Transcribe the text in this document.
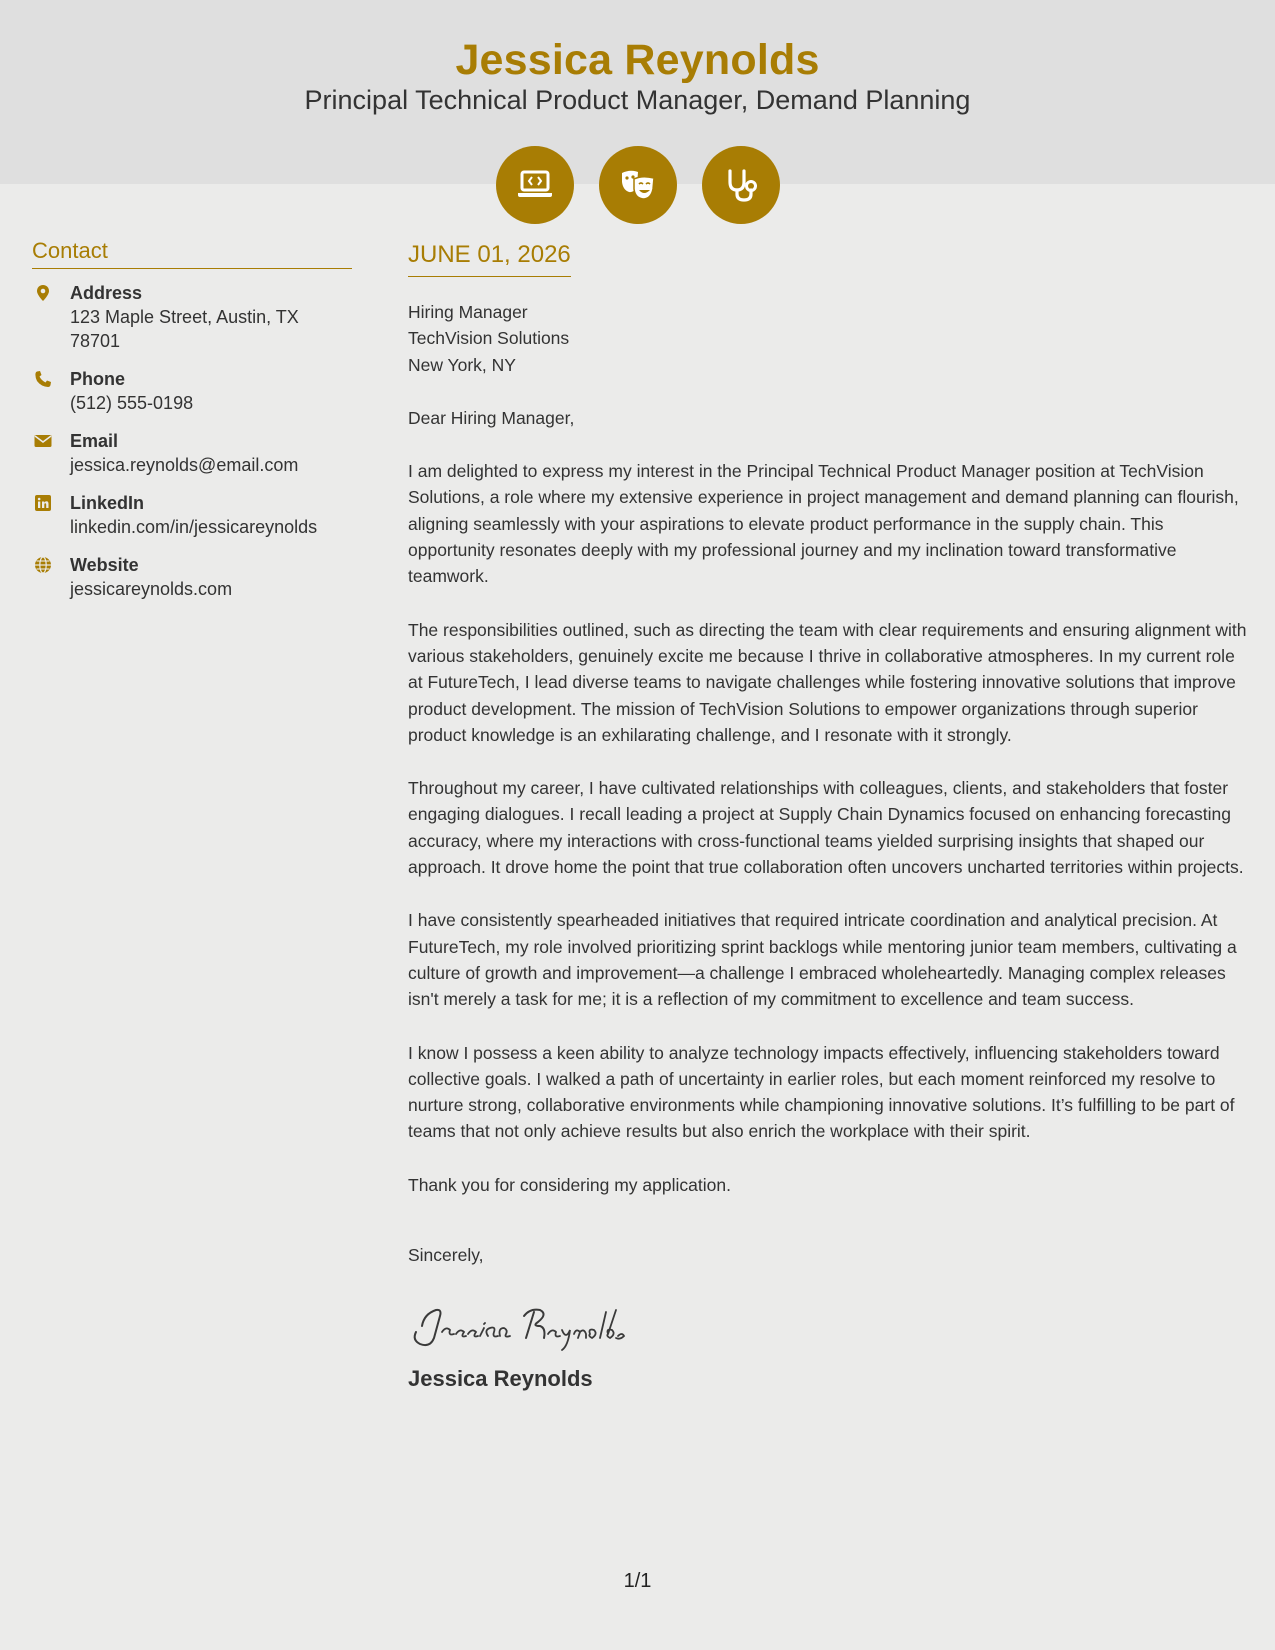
Jessica Reynolds
Principal Technical Product Manager, Demand Planning
Contact
Address
123 Maple Street, Austin, TX 78701
Phone
(512) 555-0198
Email
jessica.reynolds@email.com
LinkedIn
linkedin.com/in/jessicareynolds
Website
jessicareynolds.com
JUNE 01, 2026
Hiring Manager
TechVision Solutions
New York, NY

Dear Hiring Manager,

I am delighted to express my interest in the Principal Technical Product Manager position at TechVision Solutions, a role where my extensive experience in project management and demand planning can flourish, aligning seamlessly with your aspirations to elevate product performance in the supply chain. This opportunity resonates deeply with my professional journey and my inclination toward transformative teamwork.

The responsibilities outlined, such as directing the team with clear requirements and ensuring alignment with various stakeholders, genuinely excite me because I thrive in collaborative atmospheres. In my current role at FutureTech, I lead diverse teams to navigate challenges while fostering innovative solutions that improve product development. The mission of TechVision Solutions to empower organizations through superior product knowledge is an exhilarating challenge, and I resonate with it strongly.

Throughout my career, I have cultivated relationships with colleagues, clients, and stakeholders that foster engaging dialogues. I recall leading a project at Supply Chain Dynamics focused on enhancing forecasting accuracy, where my interactions with cross-functional teams yielded surprising insights that shaped our approach. It drove home the point that true collaboration often uncovers uncharted territories within projects.

I have consistently spearheaded initiatives that required intricate coordination and analytical precision. At FutureTech, my role involved prioritizing sprint backlogs while mentoring junior team members, cultivating a culture of growth and improvement—a challenge I embraced wholeheartedly. Managing complex releases isn't merely a task for me; it is a reflection of my commitment to excellence and team success.

I know I possess a keen ability to analyze technology impacts effectively, influencing stakeholders toward collective goals. I walked a path of uncertainty in earlier roles, but each moment reinforced my resolve to nurture strong, collaborative environments while championing innovative solutions. It’s fulfilling to be part of teams that not only achieve results but also enrich the workplace with their spirit.

Thank you for considering my application.

Sincerely,

Jessica Reynolds
1/1
